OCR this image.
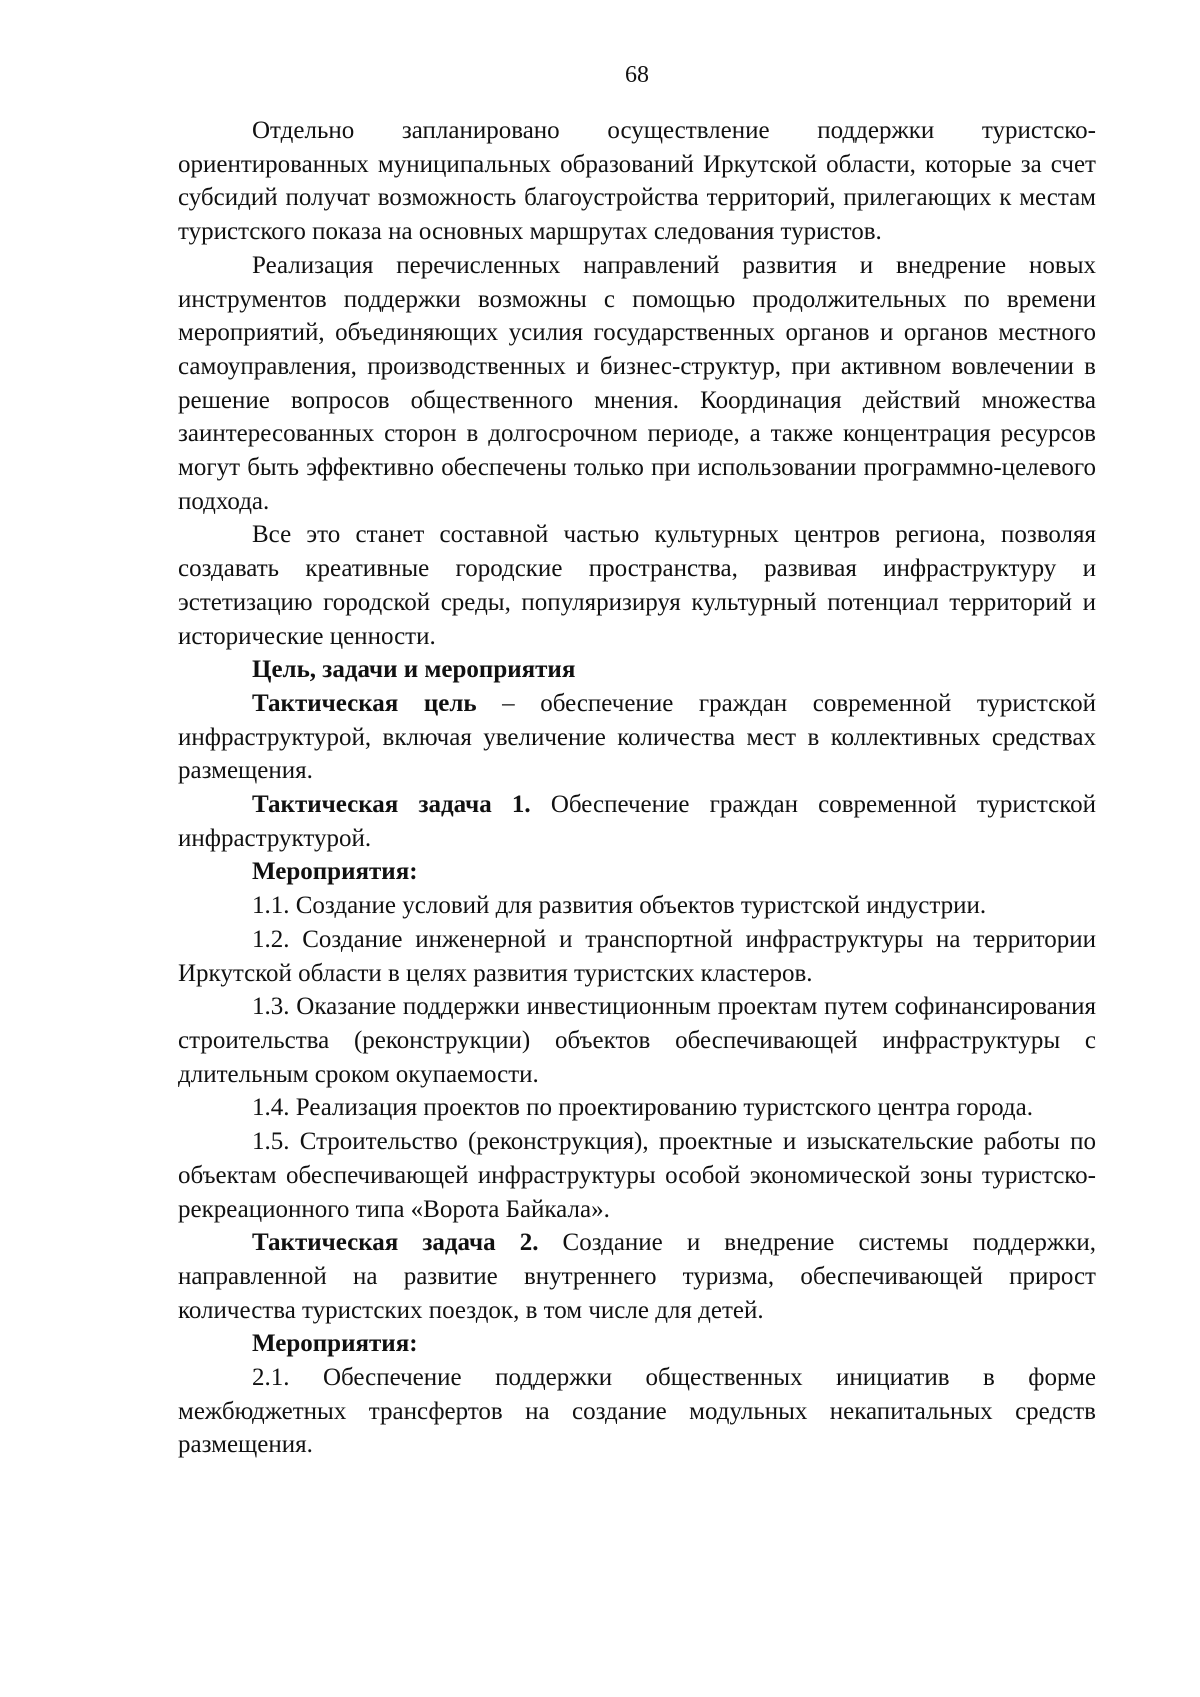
68

Отдельно запланировано осуществление поддержки туристско-ориентированных муниципальных образований Иркутской области, которые за счет субсидий получат возможность благоустройства территорий, прилегающих к местам туристского показа на основных маршрутах следования туристов.

Реализация перечисленных направлений развития и внедрение новых инструментов поддержки возможны с помощью продолжительных по времени мероприятий, объединяющих усилия государственных органов и органов местного самоуправления, производственных и бизнес-структур, при активном вовлечении в решение вопросов общественного мнения. Координация действий множества заинтересованных сторон в долгосрочном периоде, а также концентрация ресурсов могут быть эффективно обеспечены только при использовании программно-целевого подхода.

Все это станет составной частью культурных центров региона, позволяя создавать креативные городские пространства, развивая инфраструктуру и эстетизацию городской среды, популяризируя культурный потенциал территорий и исторические ценности.

Цель, задачи и мероприятия

Тактическая цель – обеспечение граждан современной туристской инфраструктурой, включая увеличение количества мест в коллективных средствах размещения.

Тактическая задача 1. Обеспечение граждан современной туристской инфраструктурой.

Мероприятия:

1.1. Создание условий для развития объектов туристской индустрии.

1.2. Создание инженерной и транспортной инфраструктуры на территории Иркутской области в целях развития туристских кластеров.

1.3. Оказание поддержки инвестиционным проектам путем софинансирования строительства (реконструкции) объектов обеспечивающей инфраструктуры с длительным сроком окупаемости.

1.4. Реализация проектов по проектированию туристского центра города.

1.5. Строительство (реконструкция), проектные и изыскательские работы по объектам обеспечивающей инфраструктуры особой экономической зоны туристско-рекреационного типа «Ворота Байкала».

Тактическая задача 2. Создание и внедрение системы поддержки, направленной на развитие внутреннего туризма, обеспечивающей прирост количества туристских поездок, в том числе для детей.

Мероприятия:

2.1. Обеспечение поддержки общественных инициатив в форме межбюджетных трансфертов на создание модульных некапитальных средств размещения.
